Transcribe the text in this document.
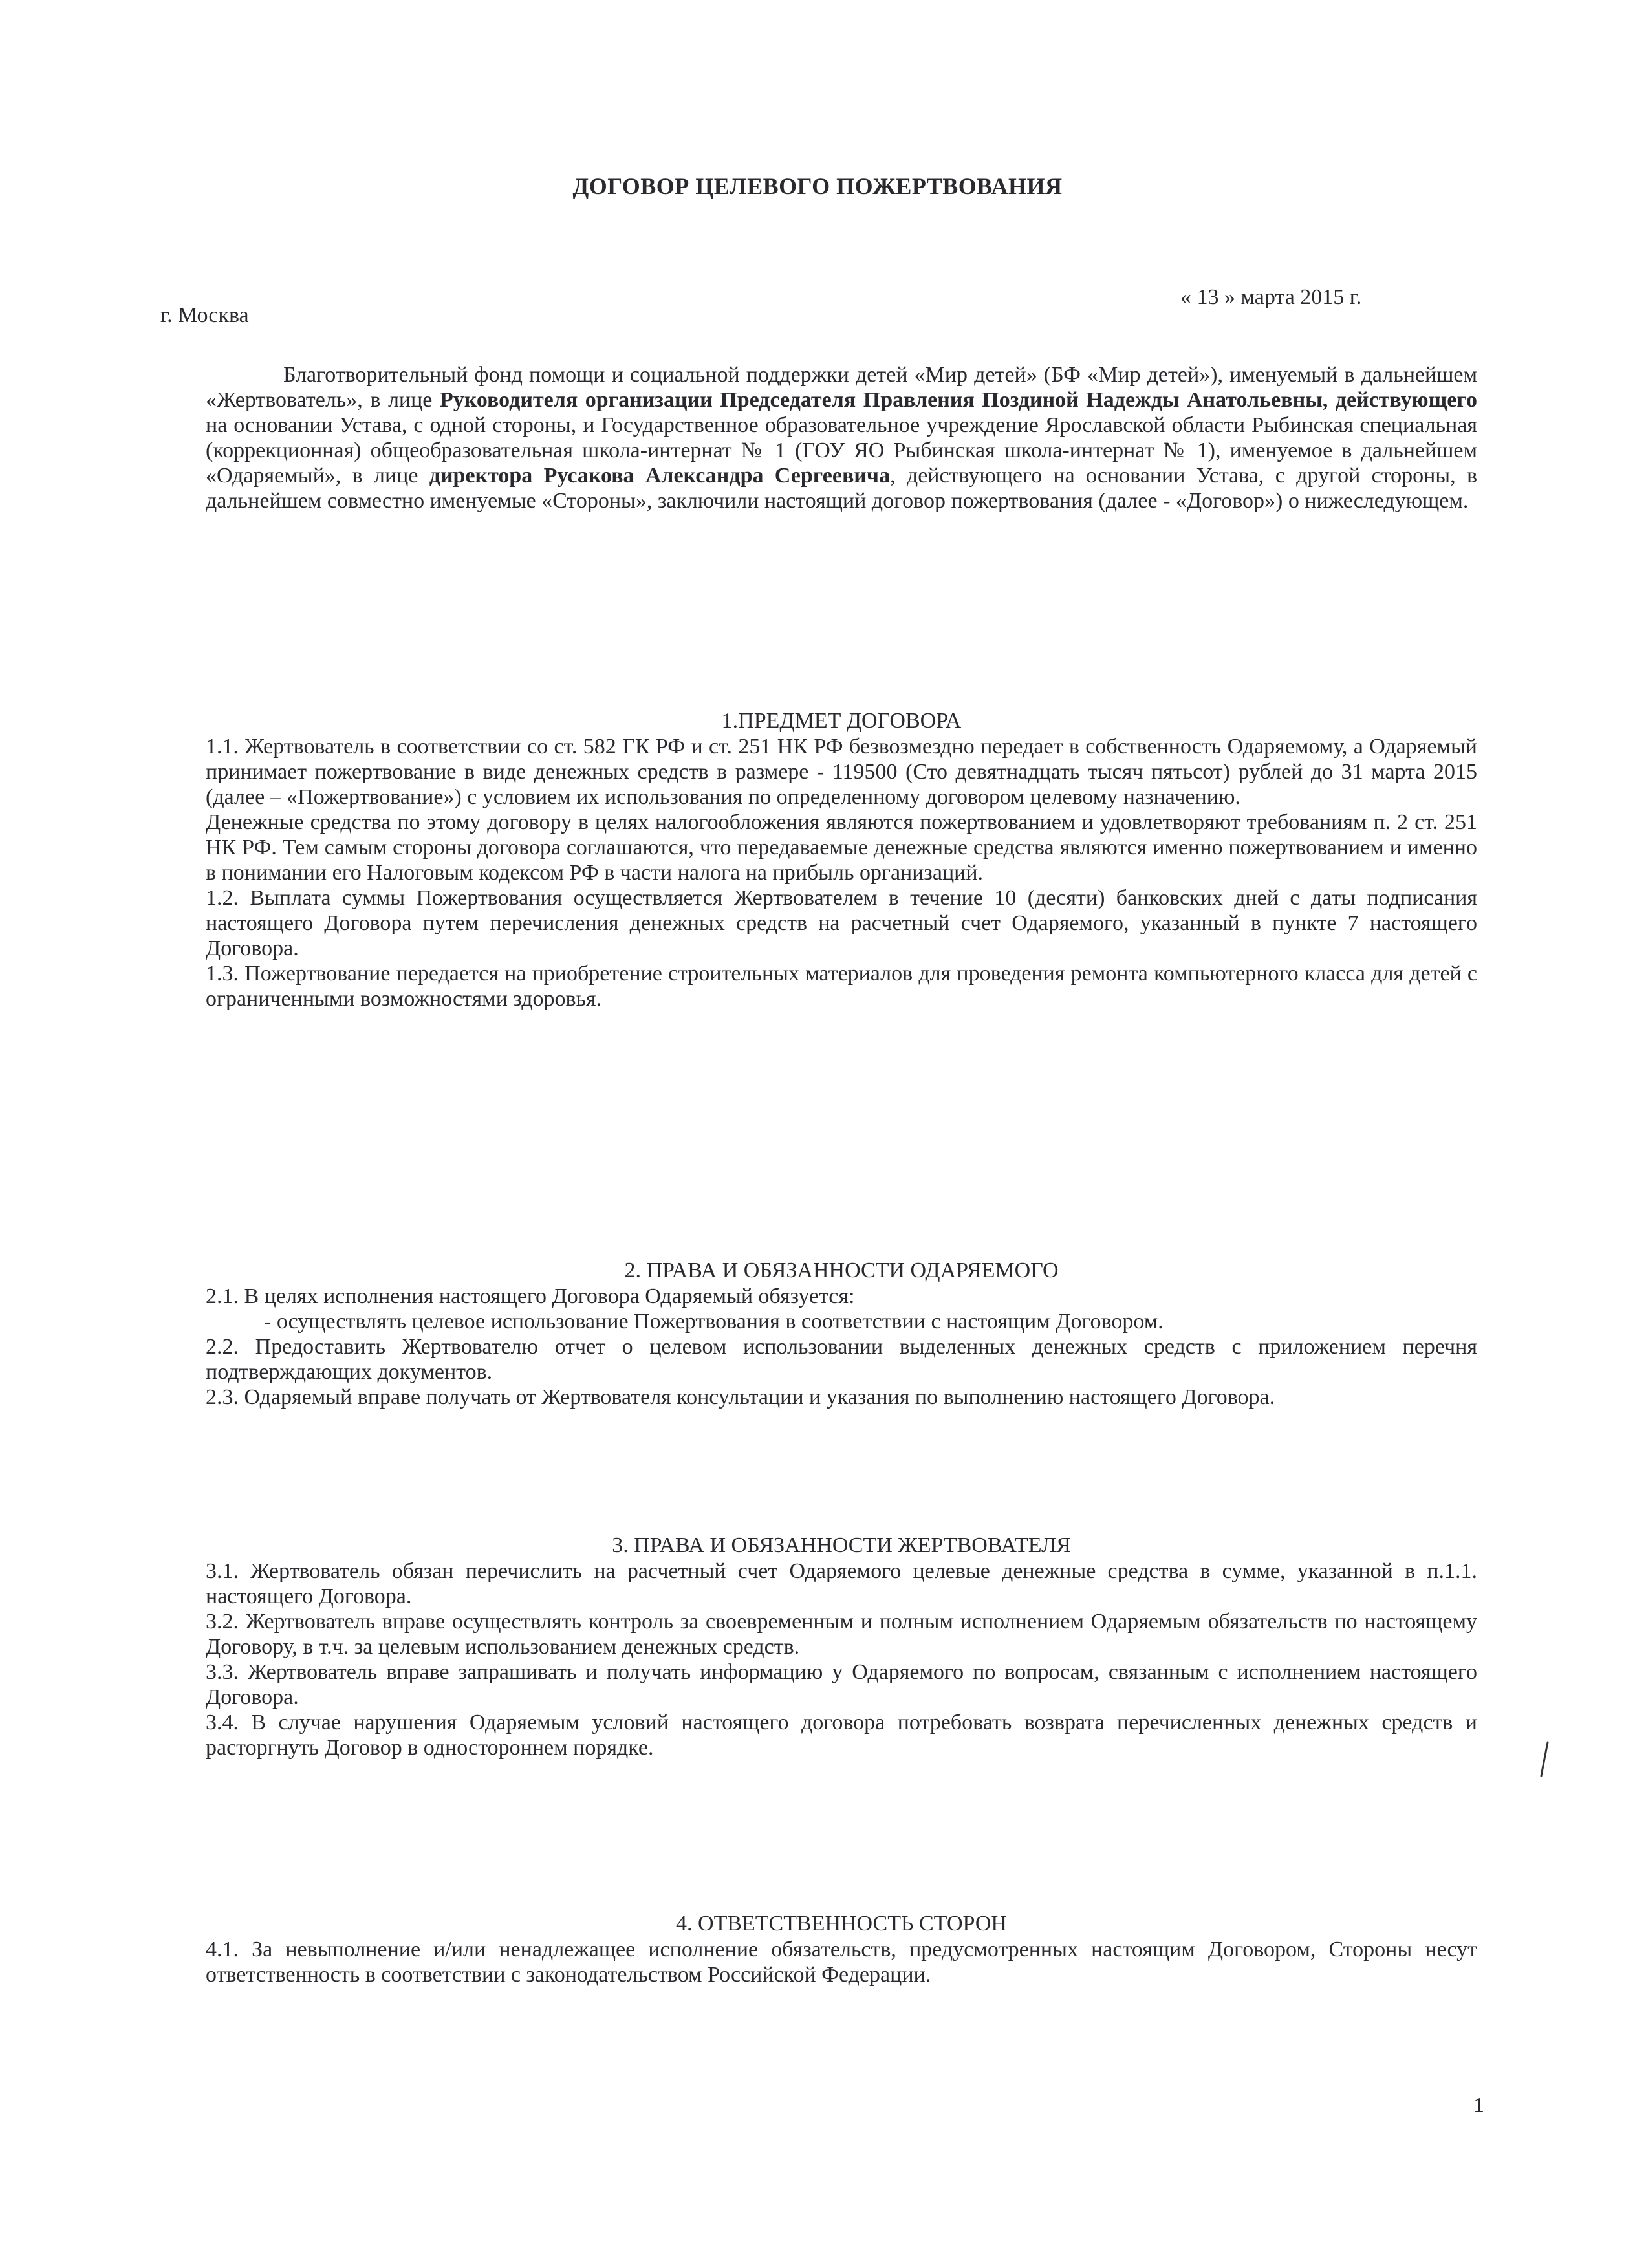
ДОГОВОР ЦЕЛЕВОГО ПОЖЕРТВОВАНИЯ
г. Москва
« 13 » марта 2015 г.

Благотворительный фонд помощи и социальной поддержки детей «Мир детей» (БФ «Мир детей»), именуемый в дальнейшем «Жертвователь», в лице Руководителя организации Председателя Правления Поздиной Надежды Анатольевны, действующего на основании Устава, с одной стороны, и Государственное образовательное учреждение Ярославской области Рыбинская специальная (коррекционная) общеобразовательная школа-интернат № 1 (ГОУ ЯО Рыбинская школа-интернат № 1), именуемое в дальнейшем «Одаряемый», в лице директора Русакова Александра Сергеевича, действующего на основании Устава, с другой стороны, в дальнейшем совместно именуемые «Стороны», заключили настоящий договор пожертвования (далее - «Договор») о нижеследующем.

1.ПРЕДМЕТ ДОГОВОРА

1.1. Жертвователь в соответствии со ст. 582 ГК РФ и ст. 251 НК РФ безвозмездно передает в собственность Одаряемому, а Одаряемый принимает пожертвование в виде денежных средств в размере - 119500 (Сто девятнадцать тысяч пятьсот) рублей до 31 марта 2015 (далее – «Пожертвование») с условием их использования по определенному договором целевому назначению.

Денежные средства по этому договору в целях налогообложения являются пожертвованием и удовлетворяют требованиям п. 2 ст. 251 НК РФ. Тем самым стороны договора соглашаются, что передаваемые денежные средства являются именно пожертвованием и именно в понимании его Налоговым кодексом РФ в части налога на прибыль организаций.

1.2. Выплата суммы Пожертвования осуществляется Жертвователем в течение 10 (десяти) банковских дней с даты подписания настоящего Договора путем перечисления денежных средств на расчетный счет Одаряемого, указанный в пункте 7 настоящего Договора.

1.3. Пожертвование передается на приобретение строительных материалов для проведения ремонта компьютерного класса для детей с ограниченными возможностями здоровья.

2. ПРАВА И ОБЯЗАННОСТИ ОДАРЯЕМОГО

2.1. В целях исполнения настоящего Договора Одаряемый обязуется:

- осуществлять целевое использование Пожертвования в соответствии с настоящим Договором.

2.2. Предоставить Жертвователю отчет о целевом использовании выделенных денежных средств с приложением перечня подтверждающих документов.

2.3. Одаряемый вправе получать от Жертвователя консультации и указания по выполнению настоящего Договора.

3. ПРАВА И ОБЯЗАННОСТИ ЖЕРТВОВАТЕЛЯ

3.1. Жертвователь обязан перечислить на расчетный счет Одаряемого целевые денежные средства в сумме, указанной в п.1.1. настоящего Договора.

3.2. Жертвователь вправе осуществлять контроль за своевременным и полным исполнением Одаряемым обязательств по настоящему Договору, в т.ч. за целевым использованием денежных средств.

3.3. Жертвователь вправе запрашивать и получать информацию у Одаряемого по вопросам, связанным с исполнением настоящего Договора.

3.4. В случае нарушения Одаряемым условий настоящего договора потребовать возврата перечисленных денежных средств и расторгнуть Договор в одностороннем порядке.

4. ОТВЕТСТВЕННОСТЬ СТОРОН

4.1. За невыполнение и/или ненадлежащее исполнение обязательств, предусмотренных настоящим Договором, Стороны несут ответственность в соответствии с законодательством Российской Федерации.

1
